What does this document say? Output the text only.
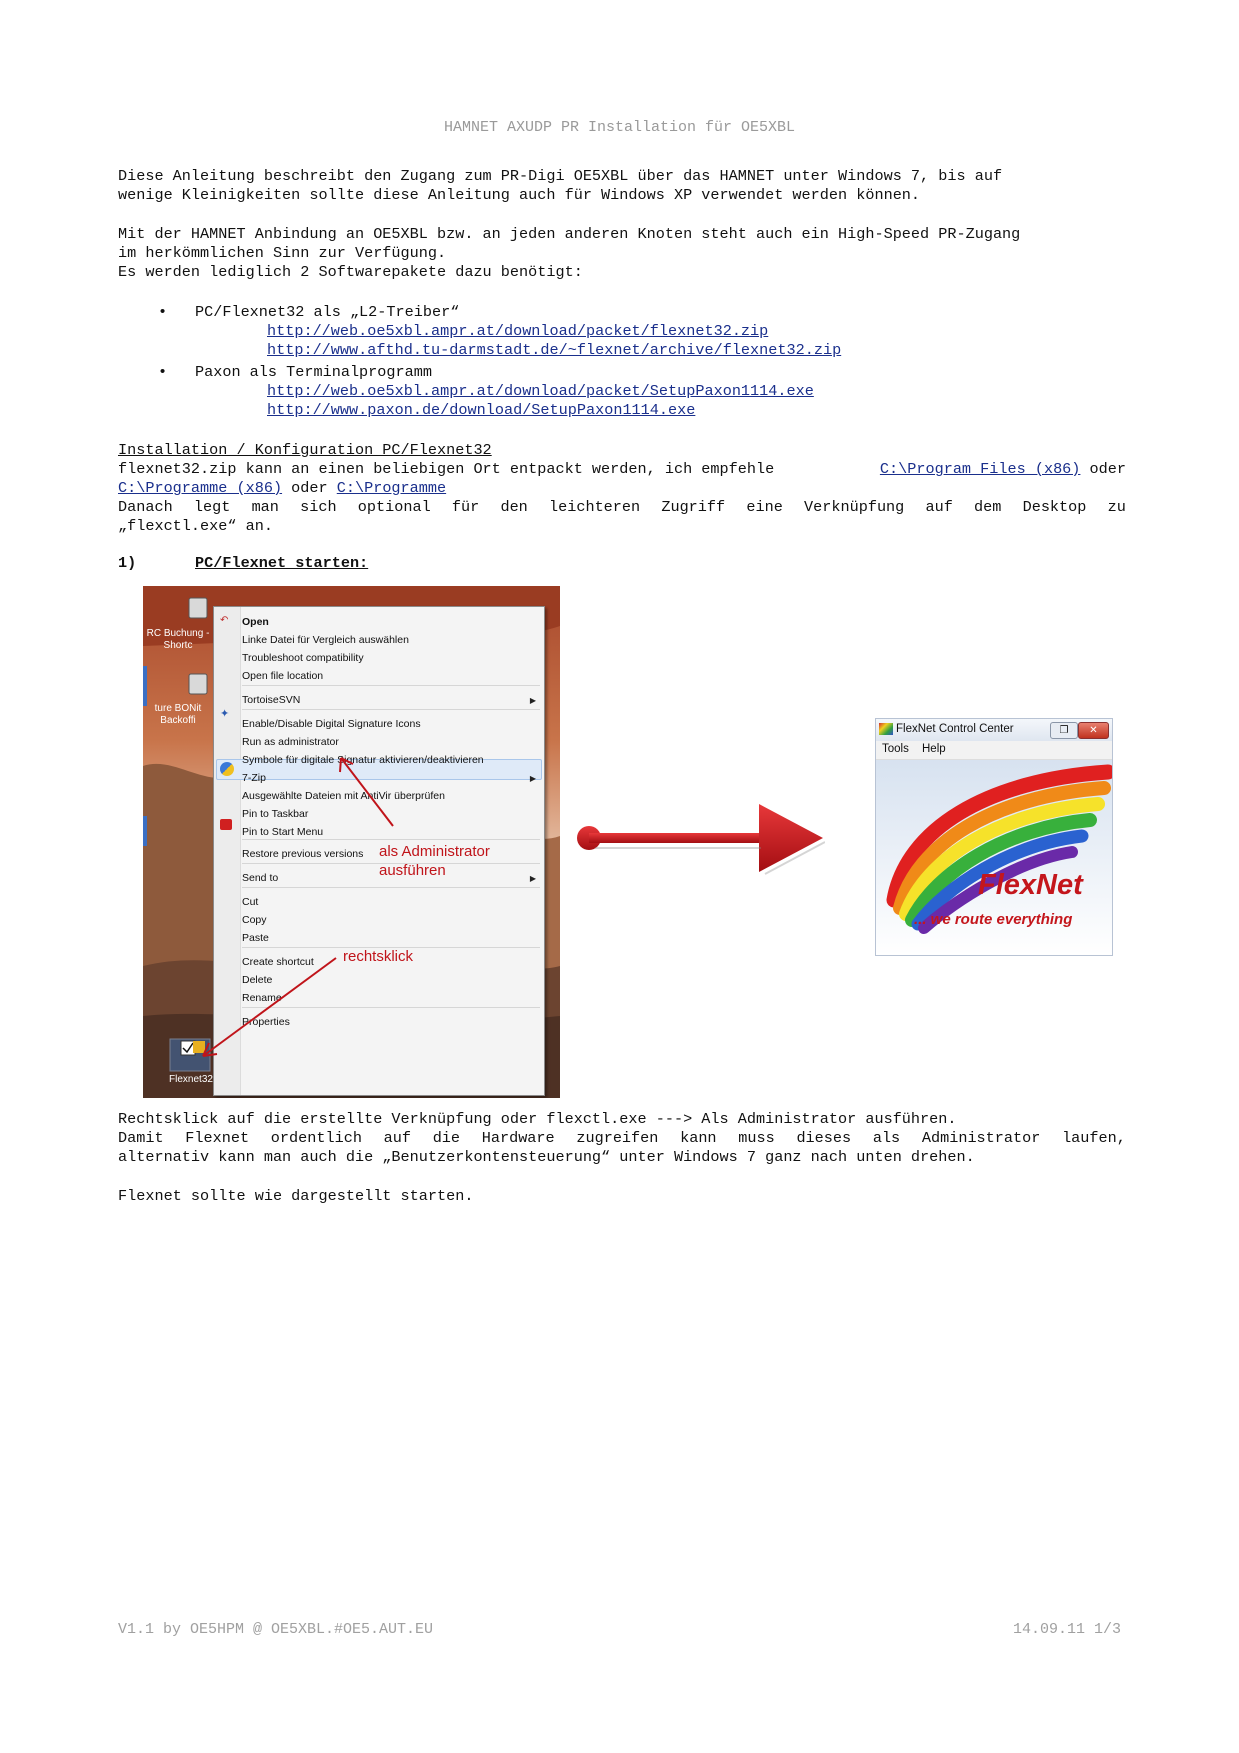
HAMNET AXUDP PR Installation für OE5XBL
Diese Anleitung beschreibt den Zugang zum PR-Digi OE5XBL über das HAMNET unter Windows 7, bis auf
wenige Kleinigkeiten sollte diese Anleitung auch für Windows XP verwendet werden können.
Mit der HAMNET Anbindung an OE5XBL bzw. an jeden anderen Knoten steht auch ein High-Speed PR-Zugang
im herkömmlichen Sinn zur Verfügung.
Es werden lediglich 2 Softwarepakete dazu benötigt:
• PC/Flexnet32 als „L2-Treiber“
http://web.oe5xbl.ampr.at/download/packet/flexnet32.zip
http://www.afthd.tu-darmstadt.de/~flexnet/archive/flexnet32.zip
• Paxon als Terminalprogramm
http://web.oe5xbl.ampr.at/download/packet/SetupPaxon1114.exe
http://www.paxon.de/download/SetupPaxon1114.exe
Installation / Konfiguration PC/Flexnet32
flexnet32.zip kann an einen beliebigen Ort entpackt werden, ich empfehle	C:\Program Files (x86) oder
C:\Programme (x86) oder C:\Programme
Danach legt man sich optional für den leichteren Zugriff eine Verknüpfung auf dem Desktop zu
„flexctl.exe“ an.
1)	PC/Flexnet starten:
RC Buchung - Shortc
ture BONit Backoffi
Flexnet32
Open
Linke Datei für Vergleich auswählen
Troubleshoot compatibility
Open file location
TortoiseSVN	▶
Enable/Disable Digital Signature Icons
Run as administrator
Symbole für digitale Signatur aktivieren/deaktivieren
7-Zip	▶
Ausgewählte Dateien mit AntiVir überprüfen
Pin to Taskbar
Pin to Start Menu
Restore previous versions
Send to	▶
Cut
Copy
Paste
Create shortcut
Delete
Rename
Properties
↶
✦
als Administrator
ausführen
rechtsklick
FlexNet Control Center	❐	✕
Tools Help
FlexNet
... we route everything
Rechtsklick auf die erstellte Verknüpfung oder flexctl.exe ---> Als Administrator ausführen.
Damit Flexnet ordentlich auf die Hardware zugreifen kann muss dieses als Administrator laufen,
alternativ kann man auch die „Benutzerkontensteuerung“ unter Windows 7 ganz nach unten drehen.
Flexnet sollte wie dargestellt starten.
V1.1 by OE5HPM @ OE5XBL.#OE5.AUT.EU	14.09.11 1/3
